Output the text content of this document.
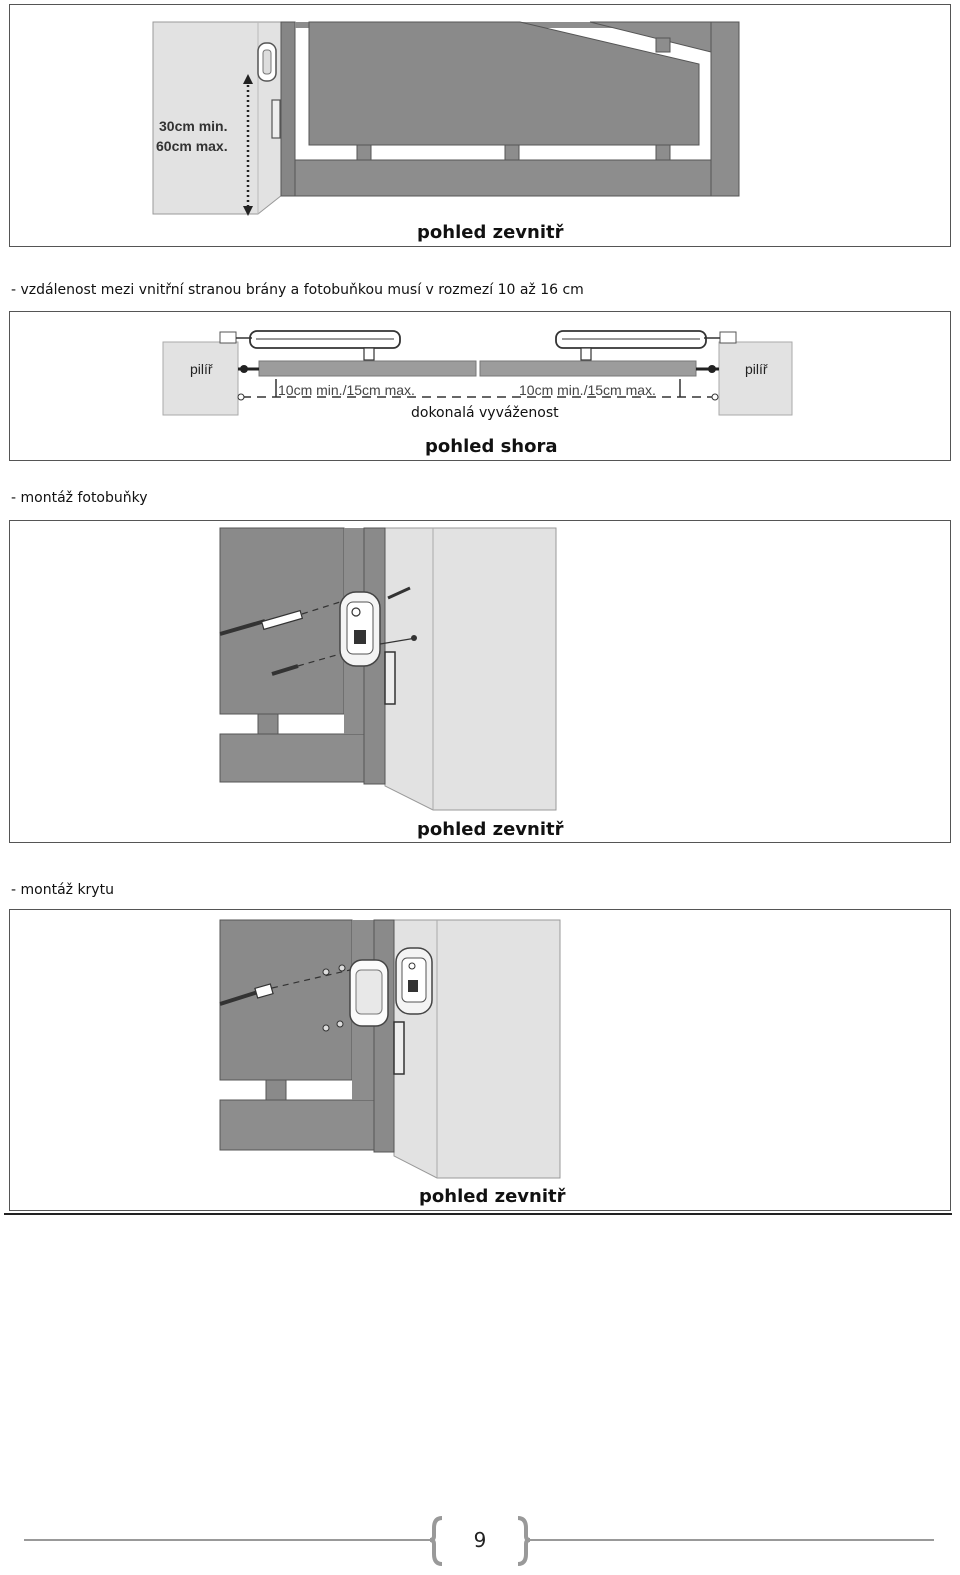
30cm min.
60cm max.
pohled zevnitř
- vzdálenost mezi vnitřní stranou brány a fotobuňkou musí v rozmezí 10 až 16 cm
pilíř	pilíř
10cm min./15cm max.	10cm min./15cm max.
dokonalá vyváženost
pohled shora
- montáž fotobuňky
pohled zevnitř
- montáž krytu
pohled zevnitř
9
